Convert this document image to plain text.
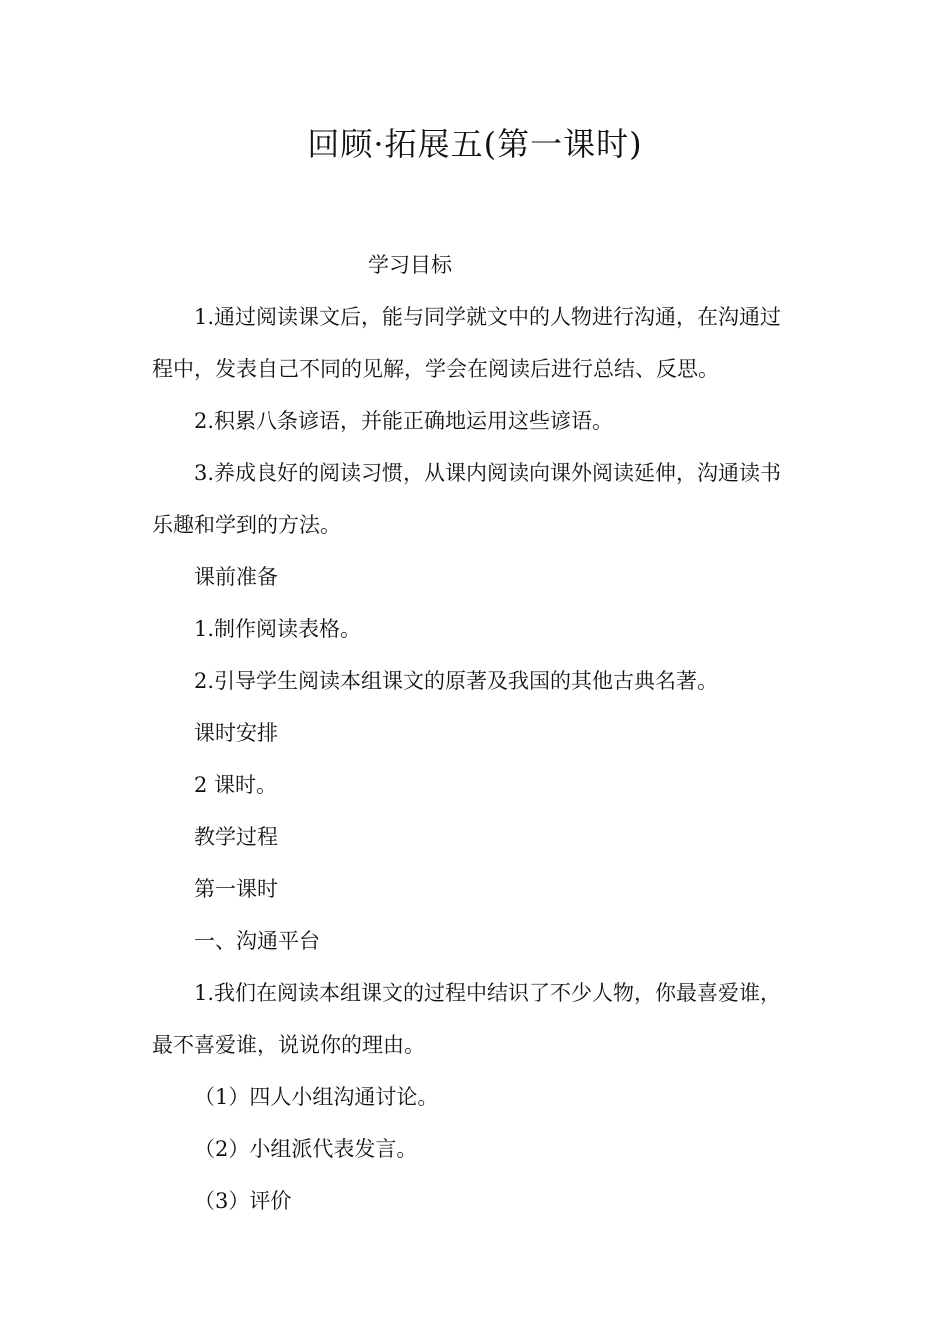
回顾·拓展五(第一课时)

学习目标

1.通过阅读课文后，能与同学就文中的人物进行沟通，在沟通过程中，发表自己不同的见解，学会在阅读后进行总结、反思。

2.积累八条谚语，并能正确地运用这些谚语。

3.养成良好的阅读习惯，从课内阅读向课外阅读延伸，沟通读书乐趣和学到的方法。

课前准备

1.制作阅读表格。

2.引导学生阅读本组课文的原著及我国的其他古典名著。

课时安排

2 课时。

教学过程

第一课时

一、沟通平台

1.我们在阅读本组课文的过程中结识了不少人物，你最喜爱谁，最不喜爱谁，说说你的理由。

（1）四人小组沟通讨论。

（2）小组派代表发言。

（3）评价
